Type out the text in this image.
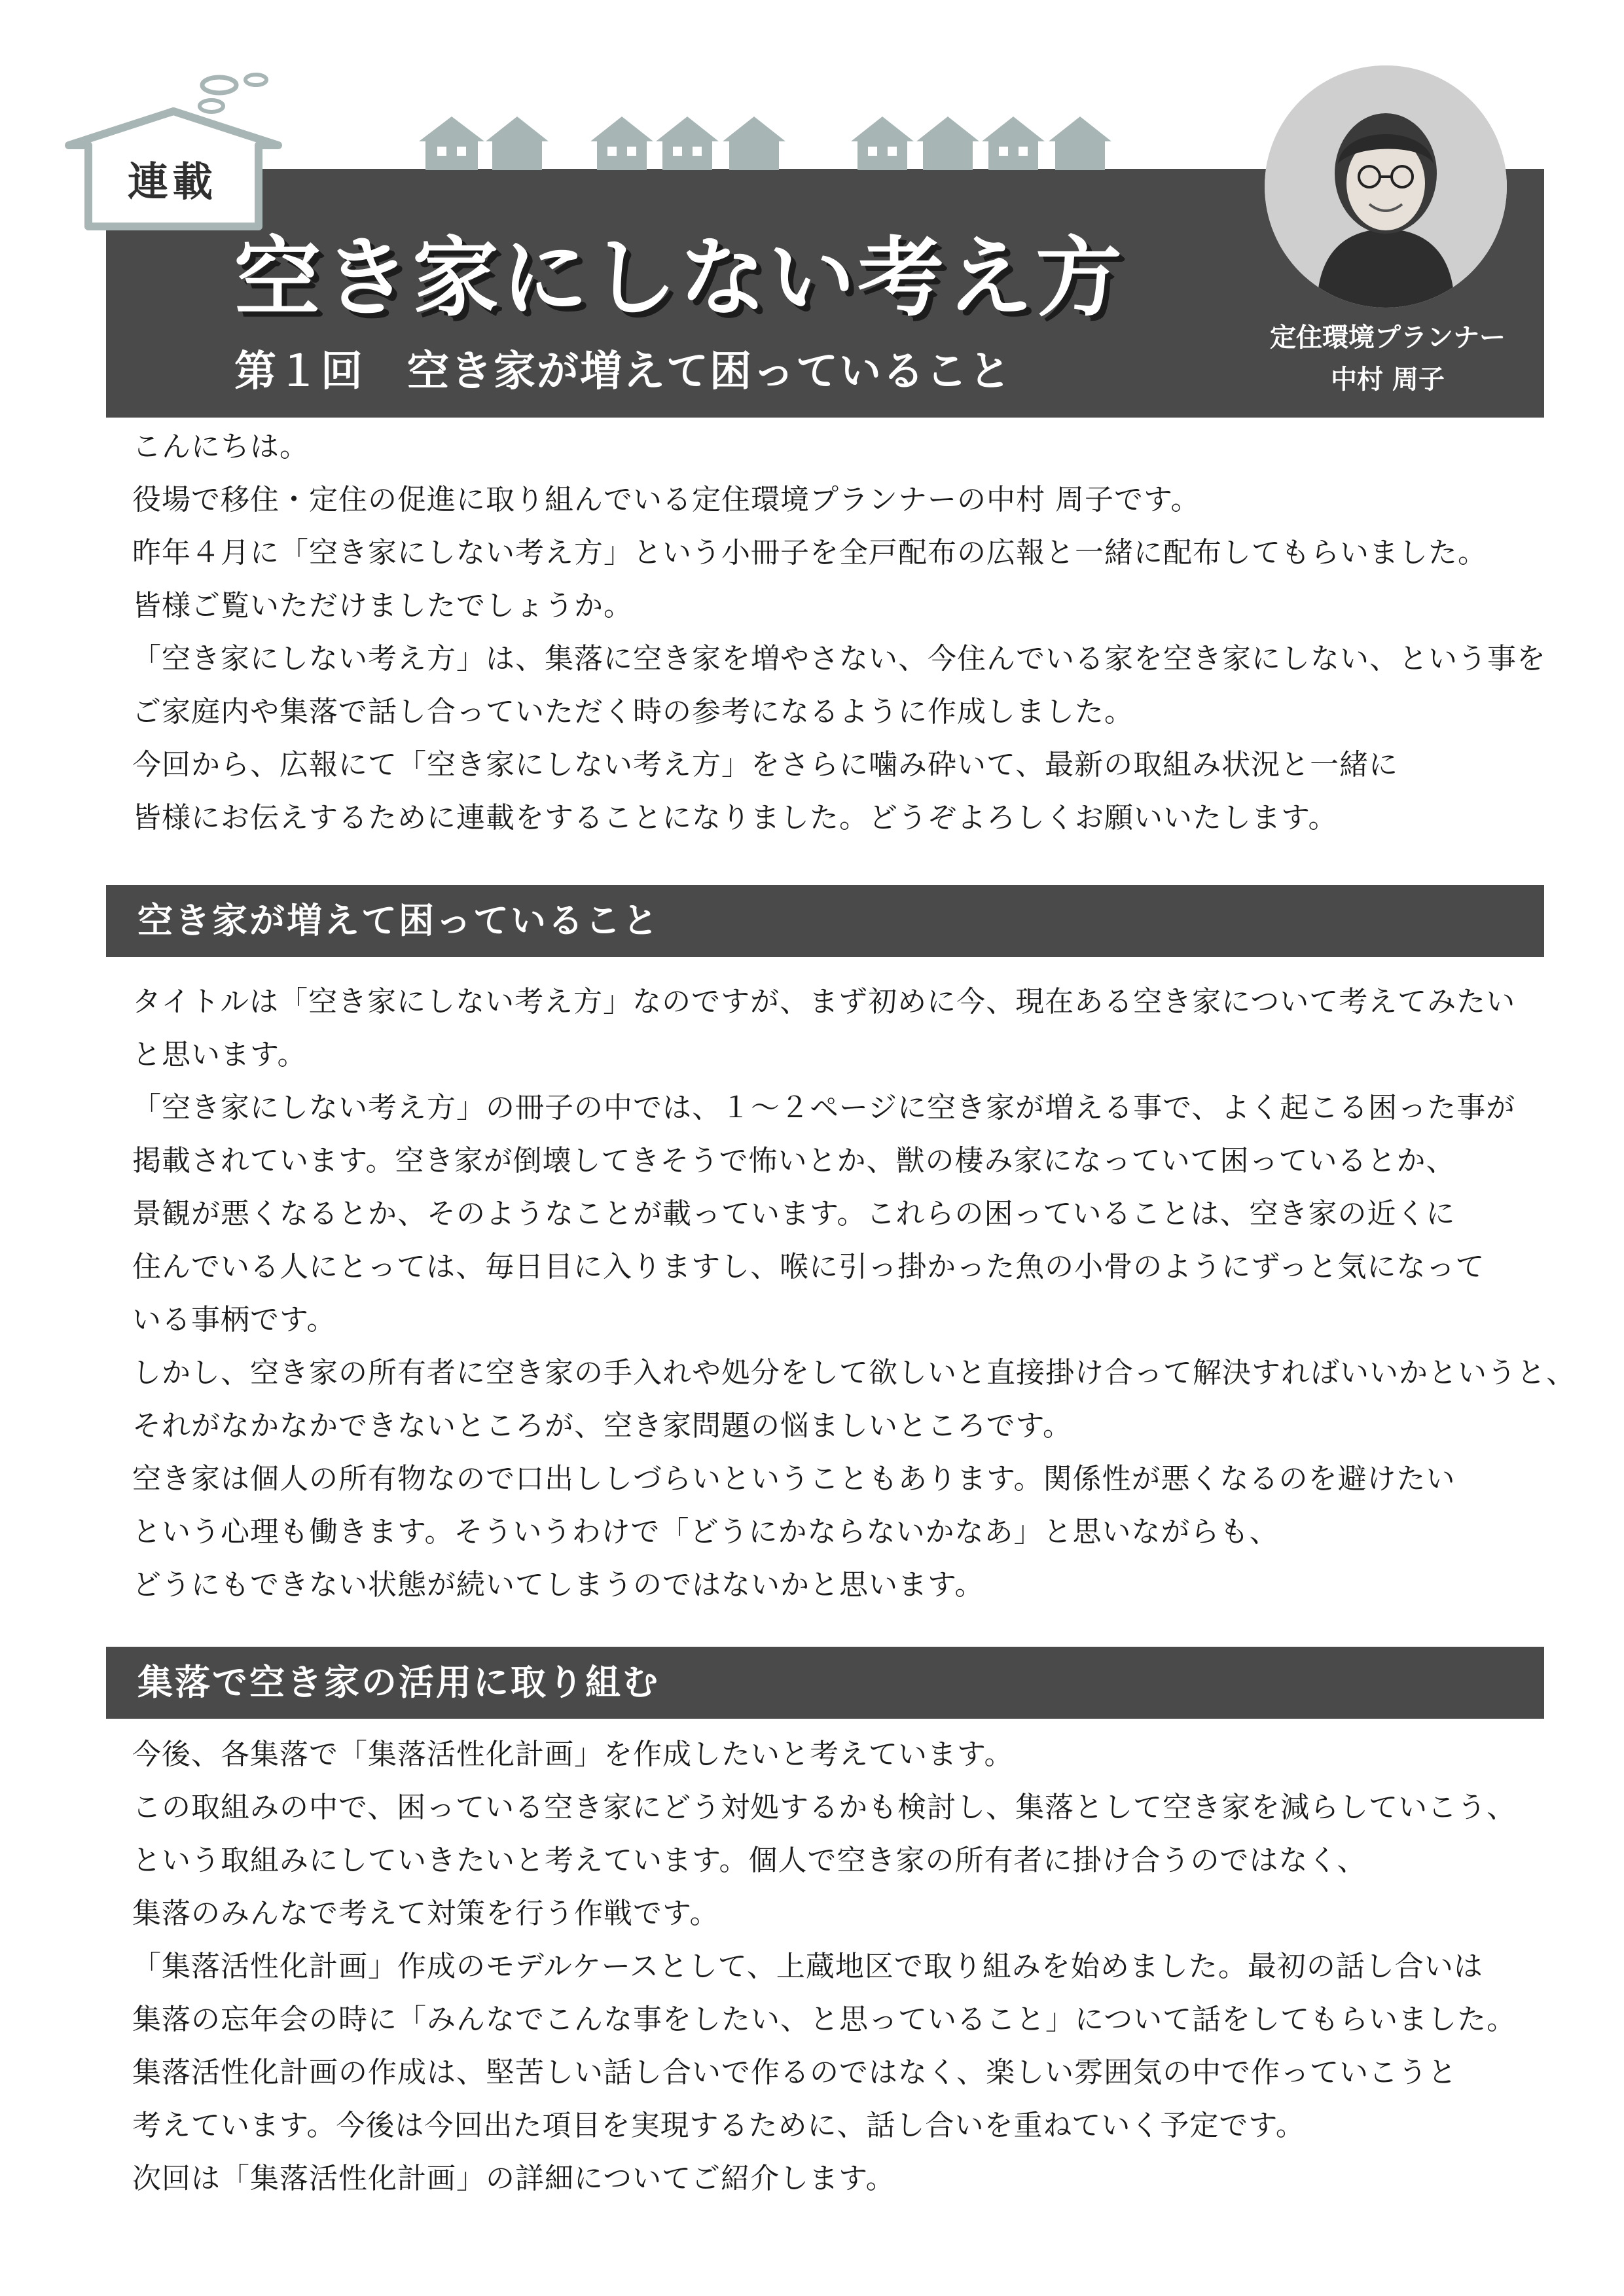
連載
空き家にしない考え方
第１回　空き家が増えて困っていること
定住環境プランナー
中村 周子

こんにちは。

役場で移住・定住の促進に取り組んでいる定住環境プランナーの中村 周子です。

昨年４月に「空き家にしない考え方」という小冊子を全戸配布の広報と一緒に配布してもらいました。

皆様ご覧いただけましたでしょうか。

「空き家にしない考え方」は、集落に空き家を増やさない、今住んでいる家を空き家にしない、という事を

ご家庭内や集落で話し合っていただく時の参考になるように作成しました。

今回から、広報にて「空き家にしない考え方」をさらに噛み砕いて、最新の取組み状況と一緒に

皆様にお伝えするために連載をすることになりました。どうぞよろしくお願いいたします。

空き家が増えて困っていること

タイトルは「空き家にしない考え方」なのですが、まず初めに今、現在ある空き家について考えてみたい

と思います。

「空き家にしない考え方」の冊子の中では、１～２ページに空き家が増える事で、よく起こる困った事が

掲載されています。空き家が倒壊してきそうで怖いとか、獣の棲み家になっていて困っているとか、

景観が悪くなるとか、そのようなことが載っています。これらの困っていることは、空き家の近くに

住んでいる人にとっては、毎日目に入りますし、喉に引っ掛かった魚の小骨のようにずっと気になって

いる事柄です。

しかし、空き家の所有者に空き家の手入れや処分をして欲しいと直接掛け合って解決すればいいかというと、

それがなかなかできないところが、空き家問題の悩ましいところです。

空き家は個人の所有物なので口出ししづらいということもあります。関係性が悪くなるのを避けたい

という心理も働きます。そういうわけで「どうにかならないかなあ」と思いながらも、

どうにもできない状態が続いてしまうのではないかと思います。

集落で空き家の活用に取り組む

今後、各集落で「集落活性化計画」を作成したいと考えています。

この取組みの中で、困っている空き家にどう対処するかも検討し、集落として空き家を減らしていこう、

という取組みにしていきたいと考えています。個人で空き家の所有者に掛け合うのではなく、

集落のみんなで考えて対策を行う作戦です。

「集落活性化計画」作成のモデルケースとして、上蔵地区で取り組みを始めました。最初の話し合いは

集落の忘年会の時に「みんなでこんな事をしたい、と思っていること」について話をしてもらいました。

集落活性化計画の作成は、堅苦しい話し合いで作るのではなく、楽しい雰囲気の中で作っていこうと

考えています。今後は今回出た項目を実現するために、話し合いを重ねていく予定です。

次回は「集落活性化計画」の詳細についてご紹介します。
